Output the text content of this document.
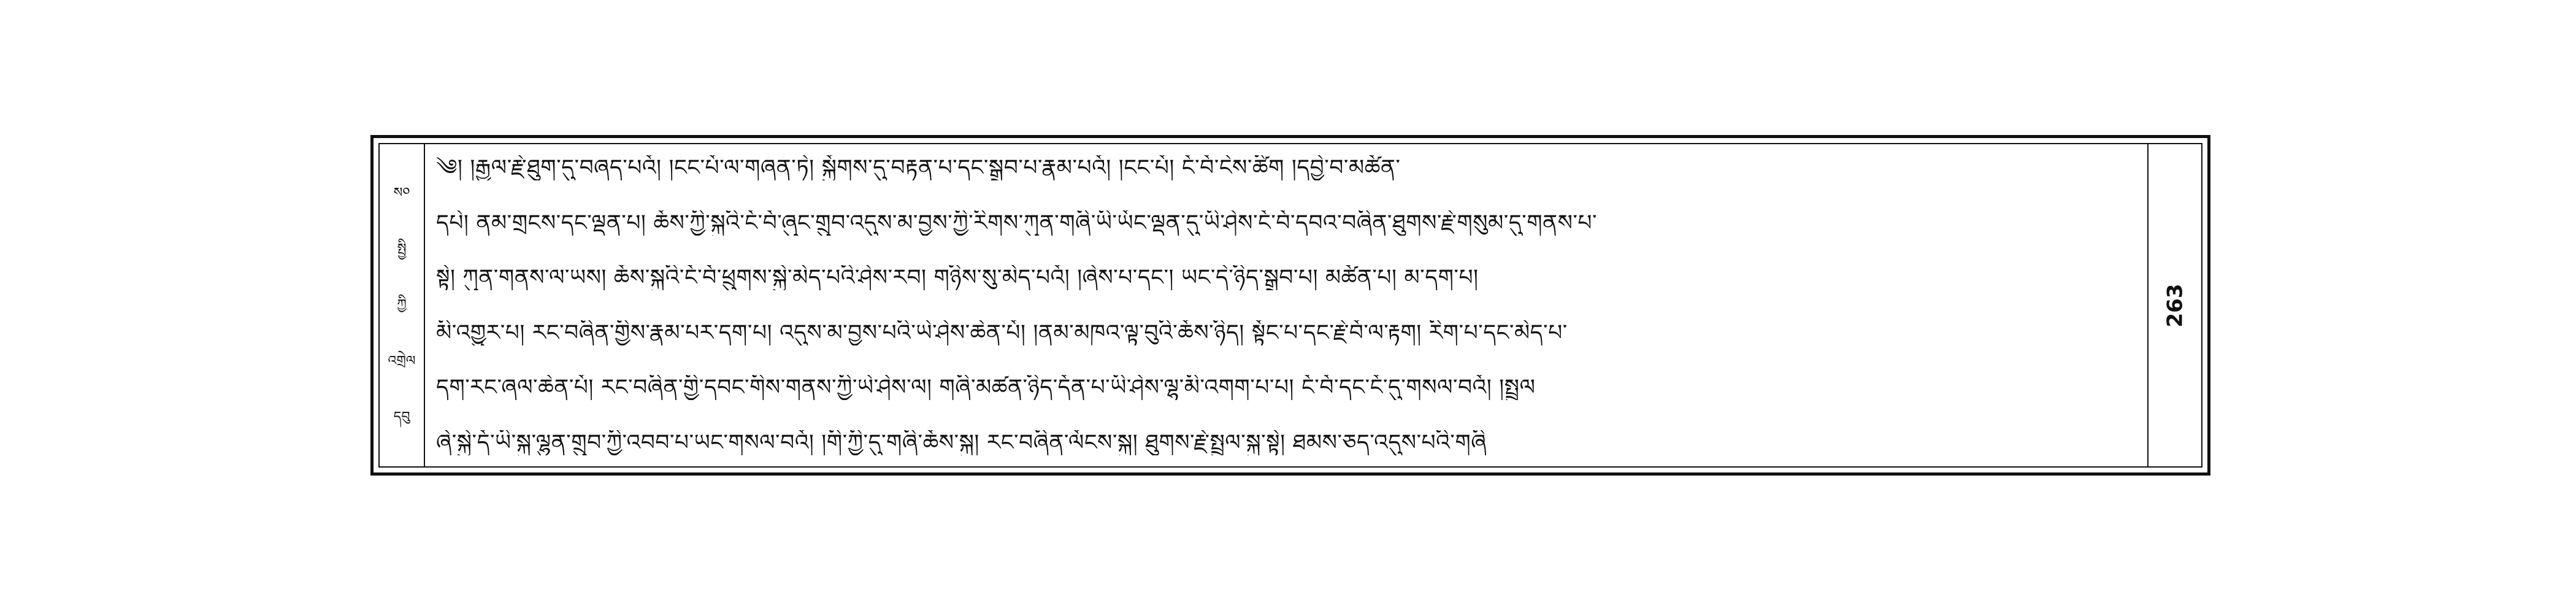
ས༠
སྤྱི
ཀྱི
འགྲེལ
དབུ
༄། །རྒྱལ་རྗེ་ཐུག་དུ་བཞད་པའོ། །ངང་པོ་ལ་གཞན་ཏེ། སྐྱོགས་དུ་བརྟན་པ་དང་སྒྲུབ་པ་རྣམ་པའོ། །ངང་པོ། ངོ་བོ་ངེས་ཚིག །དབྱེ་བ་མཚོན་
དཔེ། ནམ་གྲངས་དང་ལྡན་པ། ཆོས་ཀྱི་སྐུའི་ངོ་བོ་ཞུང་གྲུབ་འདུས་མ་བྱས་ཀྱི་རིགས་ཀུན་གཞི་ཡི་ཡོང་ལྡན་དུ་ཡི་ཤེས་ངོ་བོ་དབའ་བཞིན་ཐུགས་རྗེ་གསུམ་དུ་གནས་པ་
སྟེ། ཀུན་གནས་ལ་ཡས། ཆོས་སྐུའི་ངོ་བོ་ཕྲུགས་སྐྱེ་མེད་པའི་ཤེས་རབ། གཉིས་སུ་མེད་པའོ། །ཞེས་པ་དང་། ཡང་དེ་ཉིད་སྒྲུབ་པ། མཚོན་པ། མ་དག་པ།
མི་འགྱུར་པ། རང་བཞིན་གྱིས་རྣམ་པར་དག་པ། འདུས་མ་བྱས་པའི་ཡེ་ཤེས་ཆེན་པོ། །ནམ་མཁའ་ལྟ་བུའི་ཆོས་ཉིད། སྟོང་པ་དང་རྗེ་བོ་ལ་རྟག། རིག་པ་དང་མེད་པ་
དག་རང་ཞལ་ཆེན་པོ། རང་བཞིན་གྱི་དབང་གིས་གནས་ཀྱི་ཡེ་ཤེས་ལ། གཞི་མཚན་ཉིད་དོན་པ་ཡི་ཤེས་ལྷ་མི་འགག་པ་པ། ངོ་བོ་དང་ངོ་དུ་གསལ་བའོ། །སྤྲུལ
ཞེ་སྐྱེ་དོ་ཡི་སྐུ་ལྷུན་གྲུབ་ཀྱི་འབབ་པ་ཡང་གསལ་བའོ། །གི་ཀྱི་དུ་གཞི་ཆོས་སྐུ། རང་བཞིན་ལོངས་སྐུ། ཐུགས་རྗེ་སྤྲུལ་སྐུ་སྟེ། ཐམས་ཅད་འདུས་པའི་གཞི
263
